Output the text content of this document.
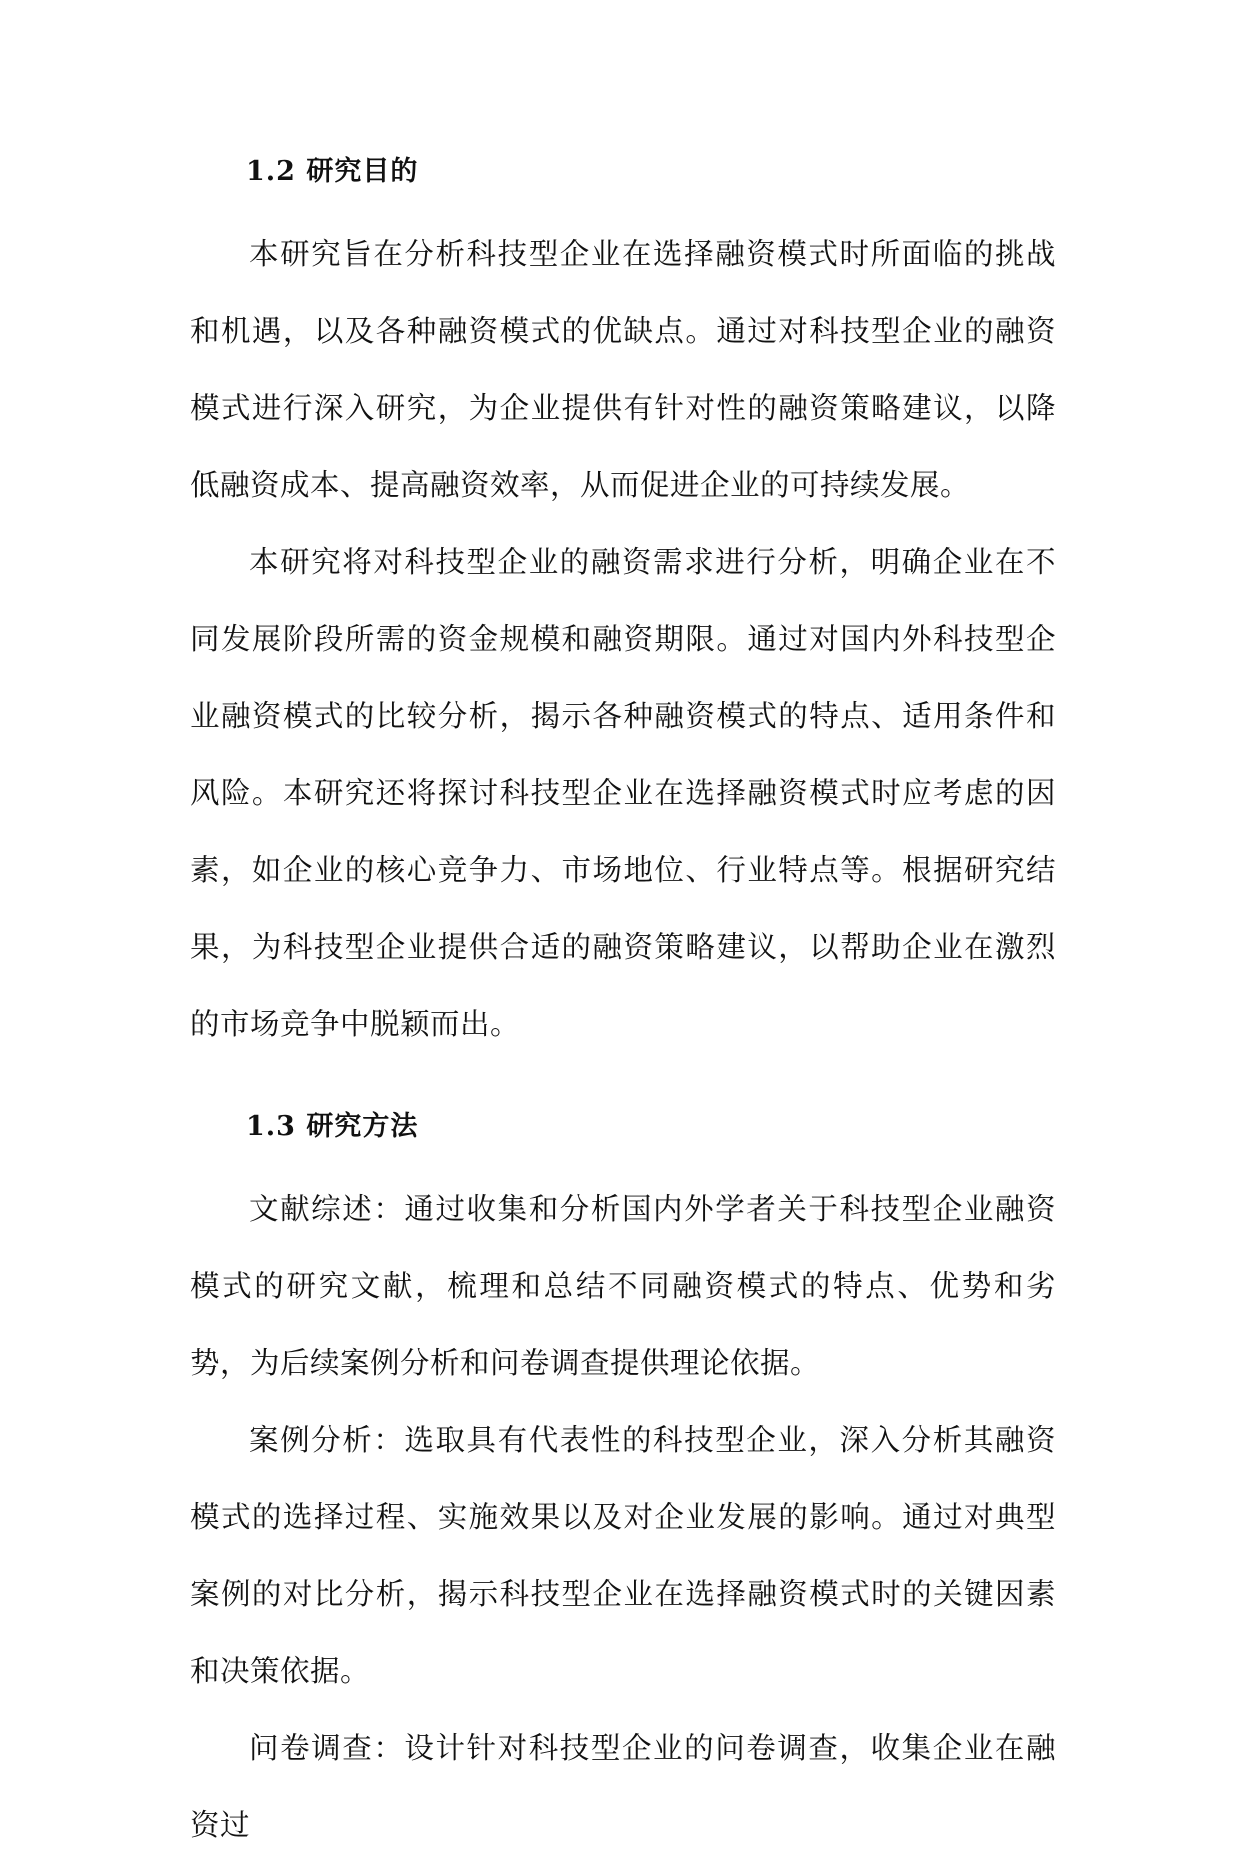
1.2 研究目的

本研究旨在分析科技型企业在选择融资模式时所面临的挑战和机遇，以及各种融资模式的优缺点。通过对科技型企业的融资模式进行深入研究，为企业提供有针对性的融资策略建议，以降低融资成本、提高融资效率，从而促进企业的可持续发展。

本研究将对科技型企业的融资需求进行分析，明确企业在不同发展阶段所需的资金规模和融资期限。通过对国内外科技型企业融资模式的比较分析，揭示各种融资模式的特点、适用条件和风险。本研究还将探讨科技型企业在选择融资模式时应考虑的因素，如企业的核心竞争力、市场地位、行业特点等。根据研究结果，为科技型企业提供合适的融资策略建议，以帮助企业在激烈的市场竞争中脱颖而出。

1.3 研究方法

文献综述：通过收集和分析国内外学者关于科技型企业融资模式的研究文献，梳理和总结不同融资模式的特点、优势和劣势，为后续案例分析和问卷调查提供理论依据。

案例分析：选取具有代表性的科技型企业，深入分析其融资模式的选择过程、实施效果以及对企业发展的影响。通过对典型案例的对比分析，揭示科技型企业在选择融资模式时的关键因素和决策依据。

问卷调查：设计针对科技型企业的问卷调查，收集企业在融资过
